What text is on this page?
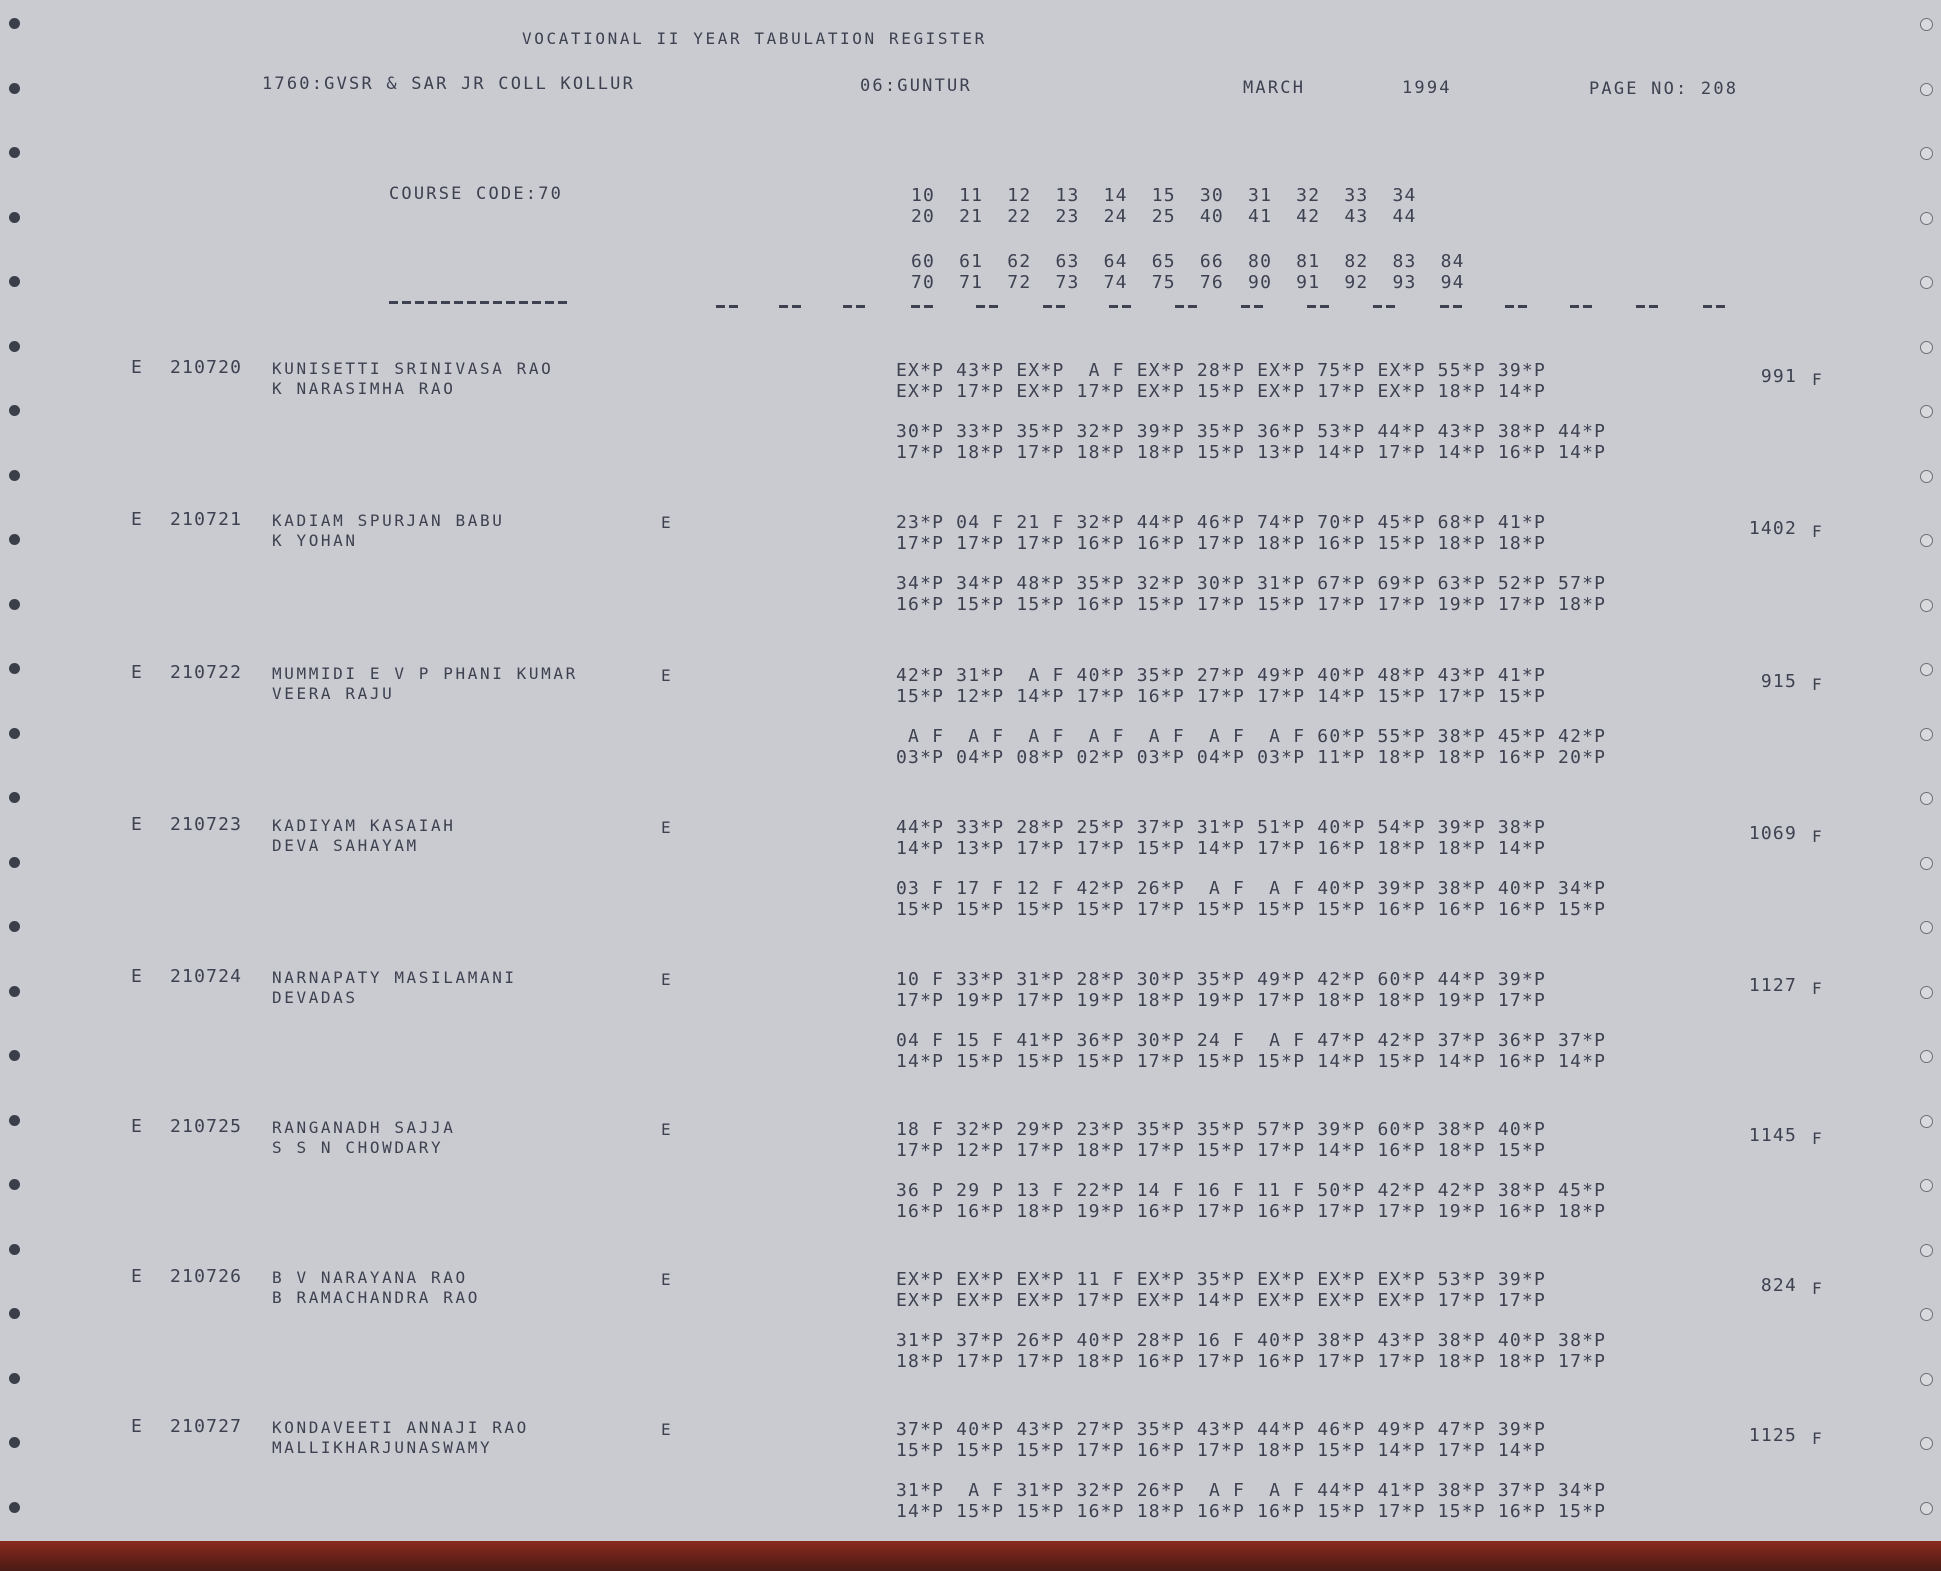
VOCATIONAL II YEAR TABULATION REGISTER
1760:GVSR & SAR JR COLL KOLLUR	06:GUNTUR	MARCH	1994	PAGE NO: 208
COURSE CODE:70	10  11  12  13  14  15  30  31  32  33  34
20  21  22  23  24  25  40  41  42  43  44
60  61  62  63  64  65  66  80  81  82  83  84
70  71  72  73  74  75  76  90  91  92  93  94
E 210720 KUNISETTI SRINIVASA RAO
K NARASIMHA RAO
EX*P 43*P EX*P  A F EX*P 28*P EX*P 75*P EX*P 55*P 39*P
EX*P 17*P EX*P 17*P EX*P 15*P EX*P 17*P EX*P 18*P 14*P
30*P 33*P 35*P 32*P 39*P 35*P 36*P 53*P 44*P 43*P 38*P 44*P
17*P 18*P 17*P 18*P 18*P 15*P 13*P 14*P 17*P 14*P 16*P 14*P
991 F
E 210721 KADIAM SPURJAN BABU
K YOHAN
E	23*P 04 F 21 F 32*P 44*P 46*P 74*P 70*P 45*P 68*P 41*P
17*P 17*P 17*P 16*P 16*P 17*P 18*P 16*P 15*P 18*P 18*P
34*P 34*P 48*P 35*P 32*P 30*P 31*P 67*P 69*P 63*P 52*P 57*P
16*P 15*P 15*P 16*P 15*P 17*P 15*P 17*P 17*P 19*P 17*P 18*P
1402 F
E 210722 MUMMIDI E V P PHANI KUMAR
VEERA RAJU
E	42*P 31*P  A F 40*P 35*P 27*P 49*P 40*P 48*P 43*P 41*P
15*P 12*P 14*P 17*P 16*P 17*P 17*P 14*P 15*P 17*P 15*P
A F  A F  A F  A F  A F  A F  A F 60*P 55*P 38*P 45*P 42*P
03*P 04*P 08*P 02*P 03*P 04*P 03*P 11*P 18*P 18*P 16*P 20*P
915 F
E 210723 KADIYAM KASAIAH
DEVA SAHAYAM
E	44*P 33*P 28*P 25*P 37*P 31*P 51*P 40*P 54*P 39*P 38*P
14*P 13*P 17*P 17*P 15*P 14*P 17*P 16*P 18*P 18*P 14*P
03 F 17 F 12 F 42*P 26*P  A F  A F 40*P 39*P 38*P 40*P 34*P
15*P 15*P 15*P 15*P 17*P 15*P 15*P 15*P 16*P 16*P 16*P 15*P
1069 F
E 210724 NARNAPATY MASILAMANI
DEVADAS
E	10 F 33*P 31*P 28*P 30*P 35*P 49*P 42*P 60*P 44*P 39*P
17*P 19*P 17*P 19*P 18*P 19*P 17*P 18*P 18*P 19*P 17*P
04 F 15 F 41*P 36*P 30*P 24 F  A F 47*P 42*P 37*P 36*P 37*P
14*P 15*P 15*P 15*P 17*P 15*P 15*P 14*P 15*P 14*P 16*P 14*P
1127 F
E 210725 RANGANADH SAJJA
S S N CHOWDARY
E	18 F 32*P 29*P 23*P 35*P 35*P 57*P 39*P 60*P 38*P 40*P
17*P 12*P 17*P 18*P 17*P 15*P 17*P 14*P 16*P 18*P 15*P
36 P 29 P 13 F 22*P 14 F 16 F 11 F 50*P 42*P 42*P 38*P 45*P
16*P 16*P 18*P 19*P 16*P 17*P 16*P 17*P 17*P 19*P 16*P 18*P
1145 F
E 210726 B V NARAYANA RAO
B RAMACHANDRA RAO
E	EX*P EX*P EX*P 11 F EX*P 35*P EX*P EX*P EX*P 53*P 39*P
EX*P EX*P EX*P 17*P EX*P 14*P EX*P EX*P EX*P 17*P 17*P
31*P 37*P 26*P 40*P 28*P 16 F 40*P 38*P 43*P 38*P 40*P 38*P
18*P 17*P 17*P 18*P 16*P 17*P 16*P 17*P 17*P 18*P 18*P 17*P
824 F
E 210727 KONDAVEETI ANNAJI RAO
MALLIKHARJUNASWAMY
E	37*P 40*P 43*P 27*P 35*P 43*P 44*P 46*P 49*P 47*P 39*P
15*P 15*P 15*P 17*P 16*P 17*P 18*P 15*P 14*P 17*P 14*P
31*P  A F 31*P 32*P 26*P  A F  A F 44*P 41*P 38*P 37*P 34*P
14*P 15*P 15*P 16*P 18*P 16*P 16*P 15*P 17*P 15*P 16*P 15*P
1125 F
